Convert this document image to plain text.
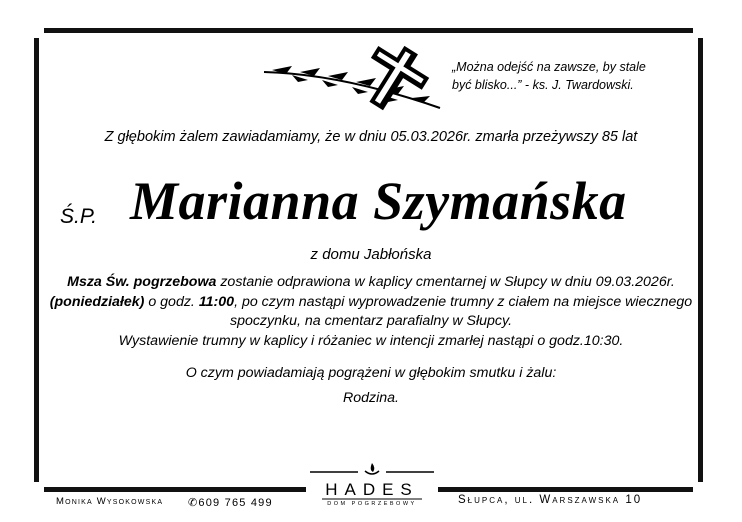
„Można odejść na zawsze, by stale
być blisko...” - ks. J. Twardowski.
Z głębokim żalem zawiadamiamy, że w dniu 05.03.2026r. zmarła przeżywszy 85 lat
Ś.P. Marianna Szymańska
z domu Jabłońska
Msza Św. pogrzebowa zostanie odprawiona w kaplicy cmentarnej w Słupcy w dniu 09.03.2026r. (poniedziałek) o godz. 11:00, po czym nastąpi wyprowadzenie trumny z ciałem na miejsce wiecznego spoczynku, na cmentarz parafialny w Słupcy.
Wystawienie trumny w kaplicy i różaniec w intencji zmarłej nastąpi o godz.10:30.
O czym powiadamiają pogrążeni w głębokim smutku i żalu:
Rodzina.
Monika Wysokowska ✆609 765 499
HADES
DOM POGRZEBOWY	Słupca, ul. Warszawska 10
